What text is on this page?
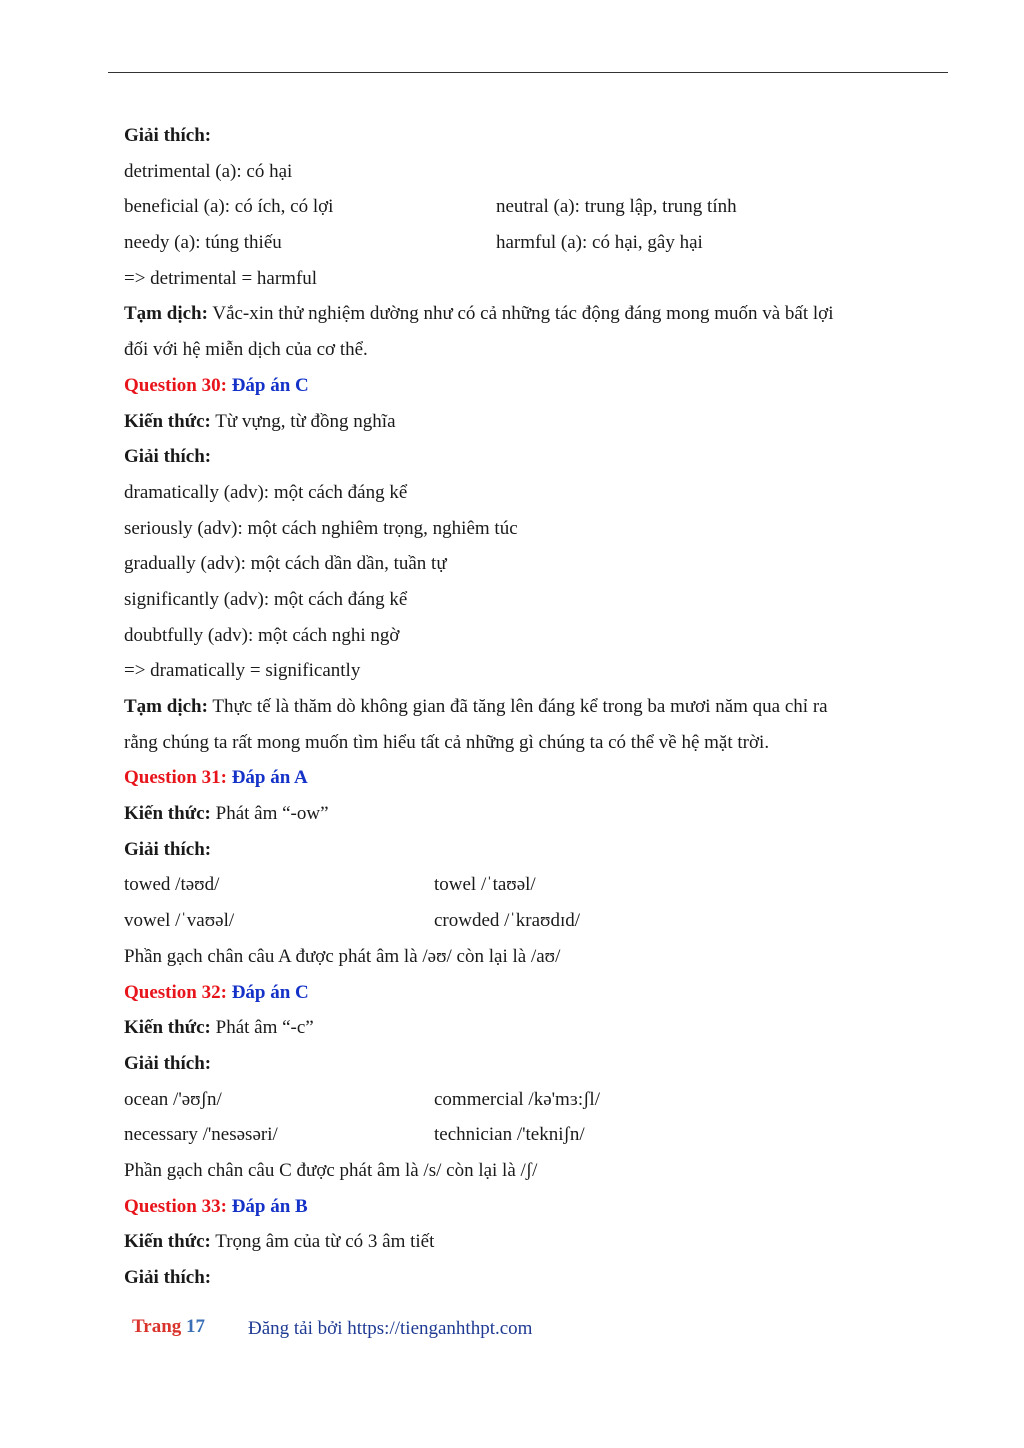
Giải thích:
detrimental (a): có hại
beneficial (a): có ích, có lợi	neutral (a): trung lập, trung tính
needy (a): túng thiếu	harmful (a): có hại, gây hại
=> detrimental = harmful
Tạm dịch: Vắc-xin thử nghiệm dường như có cả những tác động đáng mong muốn và bất lợi
đối với hệ miễn dịch của cơ thể.
Question 30: Đáp án C
Kiến thức: Từ vựng, từ đồng nghĩa
Giải thích:
dramatically (adv): một cách đáng kể
seriously (adv): một cách nghiêm trọng, nghiêm túc
gradually (adv): một cách dần dần, tuần tự
significantly (adv): một cách đáng kể
doubtfully (adv): một cách nghi ngờ
=> dramatically = significantly
Tạm dịch: Thực tế là thăm dò không gian đã tăng lên đáng kể trong ba mươi năm qua chỉ ra
rằng chúng ta rất mong muốn tìm hiểu tất cả những gì chúng ta có thể về hệ mặt trời.
Question 31: Đáp án A
Kiến thức: Phát âm “-ow”
Giải thích:
towed /təʊd/	towel /ˈtaʊəl/
vowel /ˈvaʊəl/	crowded /ˈkraʊdɪd/
Phần gạch chân câu A được phát âm là /əʊ/ còn lại là /aʊ/
Question 32: Đáp án C
Kiến thức: Phát âm “-c”
Giải thích:
ocean /'əʊʃn/	commercial /kə'mɜ:ʃl/
necessary /'nesəsəri/	technician /'tekniʃn/
Phần gạch chân câu C được phát âm là /s/ còn lại là /ʃ/
Question 33: Đáp án B
Kiến thức: Trọng âm của từ có 3 âm tiết
Giải thích:
Trang 17 Đăng tải bởi https://tienganhthpt.com
